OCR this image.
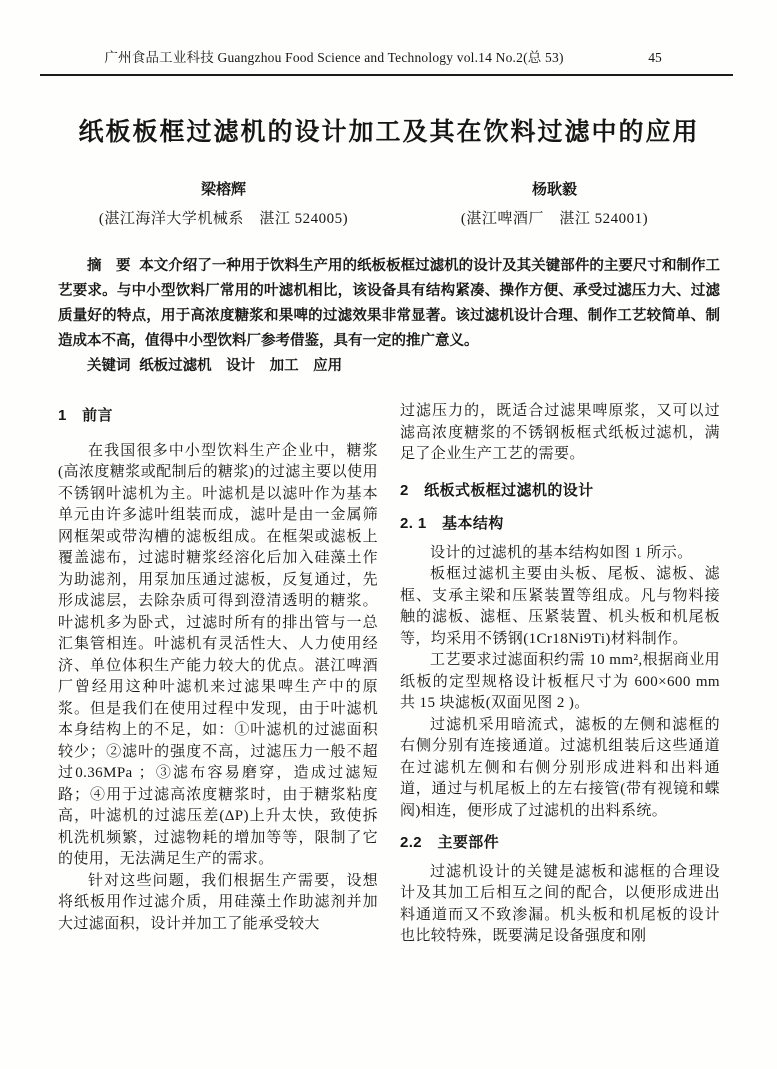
广州食品工业科技 Guangzhou Food Science and Technology vol.14 No.2(总 53)	45
纸板板框过滤机的设计加工及其在饮料过滤中的应用
梁榕辉
(湛江海洋大学机械系　湛江 524005)
杨耿毅
(湛江啤酒厂　湛江 524001)

摘　要 本文介绍了一种用于饮料生产用的纸板板框过滤机的设计及其关键部件的主要尺寸和制作工艺要求。与中小型饮料厂常用的叶滤机相比，该设备具有结构紧凑、操作方便、承受过滤压力大、过滤质量好的特点，用于高浓度糖浆和果啤的过滤效果非常显著。该过滤机设计合理、制作工艺较简单、制造成本不高，值得中小型饮料厂参考借鉴，具有一定的推广意义。

关键词 纸板过滤机　设计　加工　应用

1　前言

在我国很多中小型饮料生产企业中，糖浆(高浓度糖浆或配制后的糖浆)的过滤主要以使用不锈钢叶滤机为主。叶滤机是以滤叶作为基本单元由许多滤叶组装而成，滤叶是由一金属筛网框架或带沟槽的滤板组成。在框架或滤板上覆盖滤布，过滤时糖浆经溶化后加入硅藻土作为助滤剂，用泵加压通过滤板，反复通过，先形成滤层，去除杂质可得到澄清透明的糖浆。叶滤机多为卧式，过滤时所有的排出管与一总汇集管相连。叶滤机有灵活性大、人力使用经济、单位体积生产能力较大的优点。湛江啤酒厂曾经用这种叶滤机来过滤果啤生产中的原浆。但是我们在使用过程中发现，由于叶滤机本身结构上的不足，如：①叶滤机的过滤面积较少；②滤叶的强度不高，过滤压力一般不超过0.36MPa ；③滤布容易磨穿，造成过滤短路；④用于过滤高浓度糖浆时，由于糖浆粘度高，叶滤机的过滤压差(ΔP)上升太快，致使拆机洗机频繁，过滤物耗的增加等等，限制了它的使用，无法满足生产的需求。

针对这些问题，我们根据生产需要，设想将纸板用作过滤介质，用硅藻土作助滤剂并加大过滤面积，设计并加工了能承受较大

过滤压力的，既适合过滤果啤原浆，又可以过滤高浓度糖浆的不锈钢板框式纸板过滤机，满足了企业生产工艺的需要。

2　纸板式板框过滤机的设计
2. 1　基本结构

设计的过滤机的基本结构如图 1 所示。

板框过滤机主要由头板、尾板、滤板、滤框、支承主梁和压紧装置等组成。凡与物料接触的滤板、滤框、压紧装置、机头板和机尾板等，均采用不锈钢(1Cr18Ni9Ti)材料制作。

工艺要求过滤面积约需 10 mm²,根据商业用纸板的定型规格设计板框尺寸为 600×600 mm 共 15 块滤板(双面见图 2 )。

过滤机采用暗流式，滤板的左侧和滤框的右侧分别有连接通道。过滤机组装后这些通道在过滤机左侧和右侧分别形成进料和出料通道，通过与机尾板上的左右接管(带有视镜和蝶阀)相连，便形成了过滤机的出料系统。

2.2　主要部件

过滤机设计的关键是滤板和滤框的合理设计及其加工后相互之间的配合，以便形成进出料通道而又不致渗漏。机头板和机尾板的设计也比较特殊，既要满足设备强度和刚
